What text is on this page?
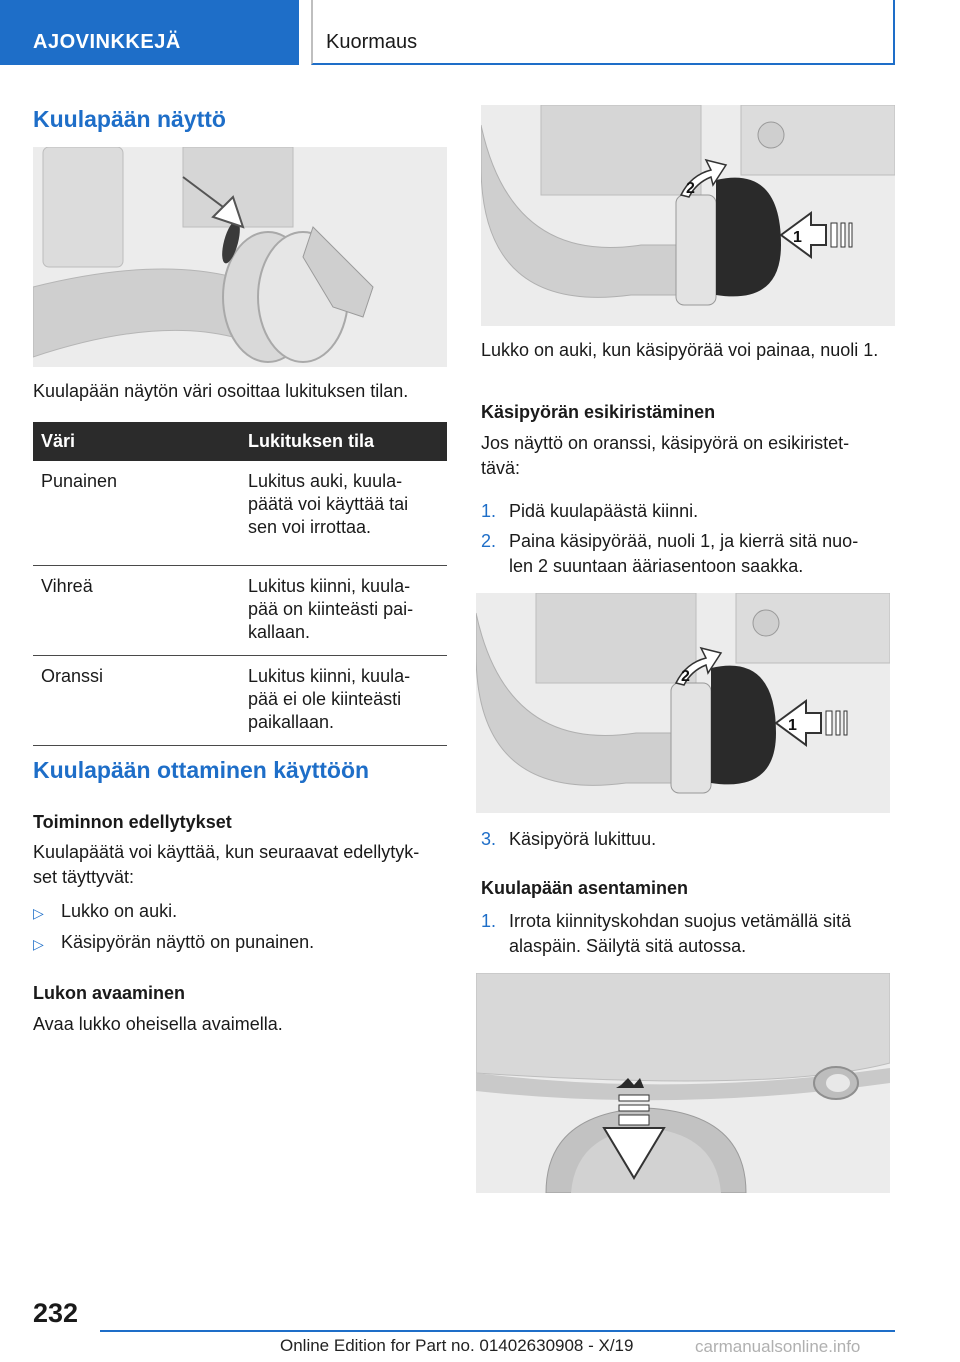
AJOVINKKEJÄ	Kuormaus
Kuulapään näyttö

Kuulapään näytön väri osoittaa lukituksen tilan.

Väri	Lukituksen tila
Punainen	Lukitus auki, kuula-
päätä voi käyttää tai
sen voi irrottaa.
Vihreä	Lukitus kiinni, kuula-
pää on kiinteästi pai-
kallaan.
Oranssi	Lukitus kiinni, kuula-
pää ei ole kiinteästi
paikallaan.
Kuulapään ottaminen käyttöön
Toiminnon edellytykset

Kuulapäätä voi käyttää, kun seuraavat edellytyk-
set täyttyvät:

▷ Lukko on auki.
▷ Käsipyörän näyttö on punainen.
Lukon avaaminen

Avaa lukko oheisella avaimella.

2
1

Lukko on auki, kun käsipyörää voi painaa, nuoli 1.

Käsipyörän esikiristäminen

Jos näyttö on oranssi, käsipyörä on esikiristet-
tävä:

1. Pidä kuulapäästä kiinni.
2. Paina käsipyörää, nuoli 1, ja kierrä sitä nuo-
len 2 suuntaan ääriasentoon saakka.
2
1
3. Käsipyörä lukittuu.
Kuulapään asentaminen
1. Irrota kiinnityskohdan suojus vetämällä sitä
alaspäin. Säilytä sitä autossa.
232
Online Edition for Part no. 01402630908 - X/19	carmanualsonline.info
